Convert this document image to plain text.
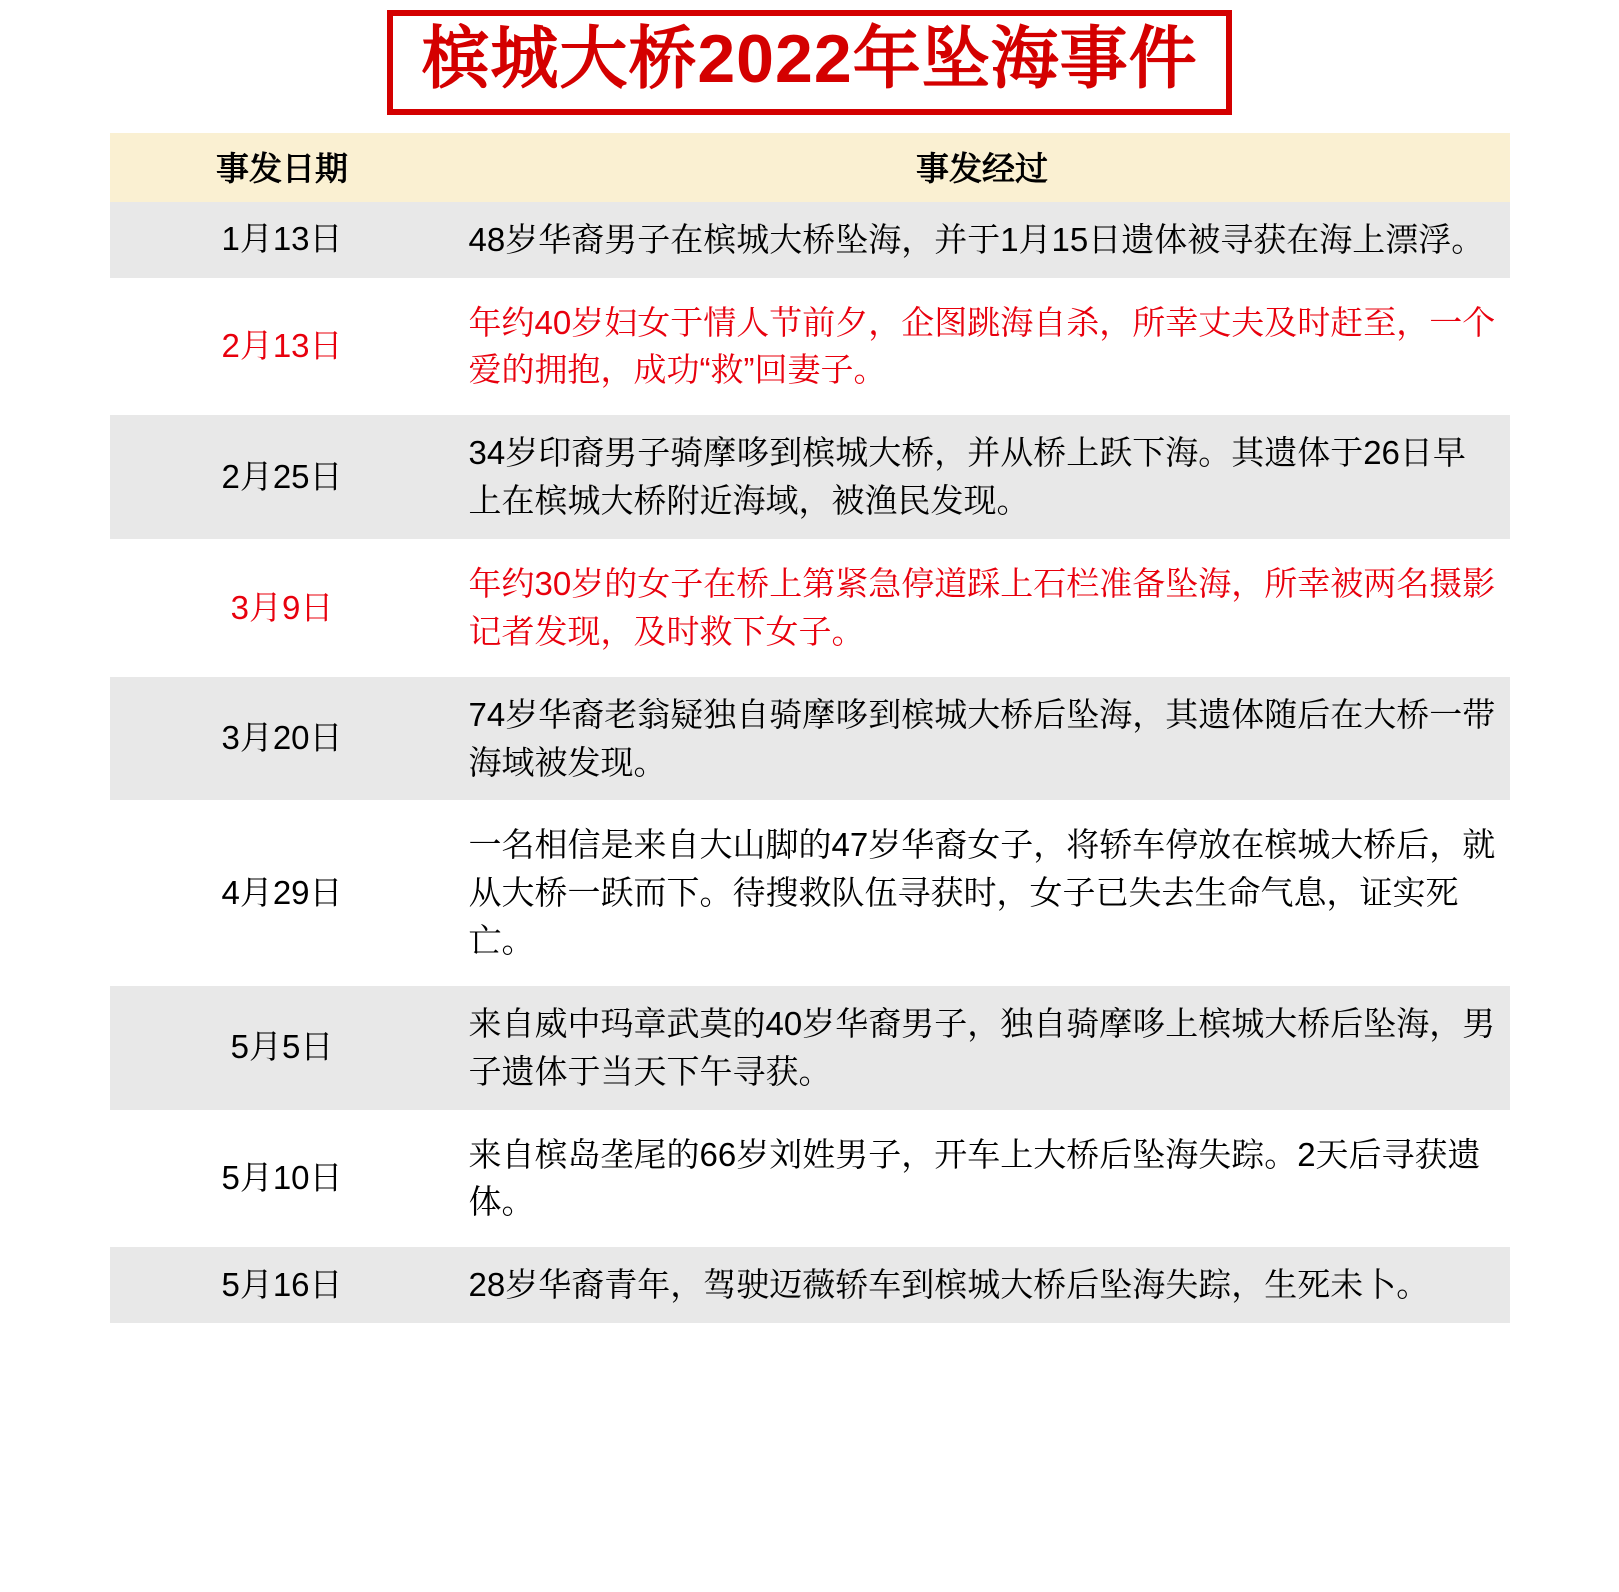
槟城大桥2022年坠海事件
事发日期	事发经过
1月13日	48岁华裔男子在槟城大桥坠海，并于1月15日遗体被寻获在海上漂浮。

2月13日	年约40岁妇女于情人节前夕，企图跳海自杀，所幸丈夫及时赶至，一个爱的拥抱，成功“救”回妻子。

2月25日	34岁印裔男子骑摩哆到槟城大桥，并从桥上跃下海。其遗体于26日早上在槟城大桥附近海域，被渔民发现。

3月9日	年约30岁的女子在桥上第紧急停道踩上石栏准备坠海，所幸被两名摄影记者发现，及时救下女子。

3月20日	74岁华裔老翁疑独自骑摩哆到槟城大桥后坠海，其遗体随后在大桥一带海域被发现。

4月29日	一名相信是来自大山脚的47岁华裔女子，将轿车停放在槟城大桥后，就从大桥一跃而下。待搜救队伍寻获时，女子已失去生命气息，证实死亡。

5月5日	来自威中玛章武莫的40岁华裔男子，独自骑摩哆上槟城大桥后坠海，男子遗体于当天下午寻获。

5月10日	来自槟岛垄尾的66岁刘姓男子，开车上大桥后坠海失踪。2天后寻获遗体。

5月16日	28岁华裔青年，驾驶迈薇轿车到槟城大桥后坠海失踪，生死未卜。
